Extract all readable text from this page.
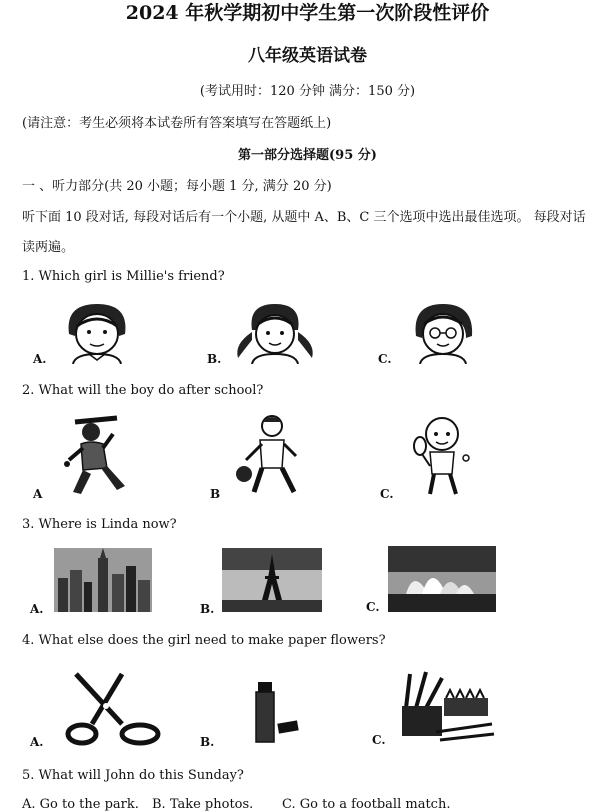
2024 年秋学期初中学生第一次阶段性评价
八年级英语试卷
(考试用时：120 分钟 满分：150 分)
(请注意：考生必须将本试卷所有答案填写在答题纸上)
第一部分选择题(95 分)
一 、听力部分(共 20 小题；每小题 1 分, 满分 20 分)
听下面 10 段对话, 每段对话后有一个小题, 从题中 A、B、C 三个选项中选出最佳选项。 每段对话读两遍。
1. Which girl is Millie's friend?
A.	B.	C.
2. What will the boy do after school?
A	B	C.
3. Where is Linda now?
A.	B.	C.
4. What else does the girl need to make paper flowers?
A.	B.	C.
5. What will John do this Sunday?
A. Go to the park. B. Take photos. C. Go to a football match.
